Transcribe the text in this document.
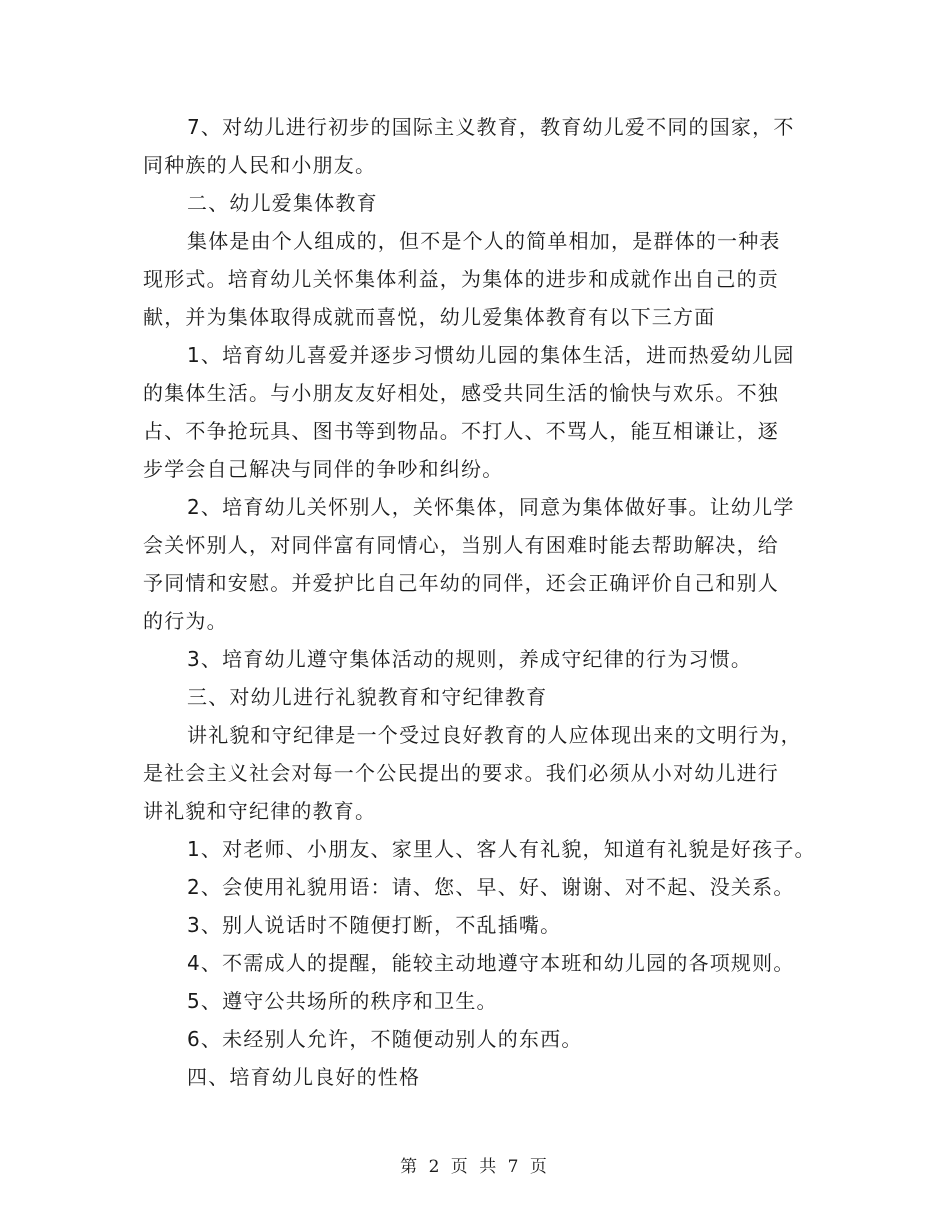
7、对幼儿进行初步的国际主义教育，教育幼儿爱不同的国家，不
同种族的人民和小朋友。
二、幼儿爱集体教育
集体是由个人组成的，但不是个人的简单相加，是群体的一种表
现形式。培育幼儿关怀集体利益，为集体的进步和成就作出自己的贡
献，并为集体取得成就而喜悦，幼儿爱集体教育有以下三方面
1、培育幼儿喜爱并逐步习惯幼儿园的集体生活，进而热爱幼儿园
的集体生活。与小朋友友好相处，感受共同生活的愉快与欢乐。不独
占、不争抢玩具、图书等到物品。不打人、不骂人，能互相谦让，逐
步学会自己解决与同伴的争吵和纠纷。
2、培育幼儿关怀别人，关怀集体，同意为集体做好事。让幼儿学
会关怀别人，对同伴富有同情心，当别人有困难时能去帮助解决，给
予同情和安慰。并爱护比自己年幼的同伴，还会正确评价自己和别人
的行为。
3、培育幼儿遵守集体活动的规则，养成守纪律的行为习惯。
三、对幼儿进行礼貌教育和守纪律教育
讲礼貌和守纪律是一个受过良好教育的人应体现出来的文明行为，
是社会主义社会对每一个公民提出的要求。我们必须从小对幼儿进行
讲礼貌和守纪律的教育。
1、对老师、小朋友、家里人、客人有礼貌，知道有礼貌是好孩子。
2、会使用礼貌用语：请、您、早、好、谢谢、对不起、没关系。
3、别人说话时不随便打断，不乱插嘴。
4、不需成人的提醒，能较主动地遵守本班和幼儿园的各项规则。
5、遵守公共场所的秩序和卫生。
6、未经别人允许，不随便动别人的东西。
四、培育幼儿良好的性格
第 2 页 共 7 页
